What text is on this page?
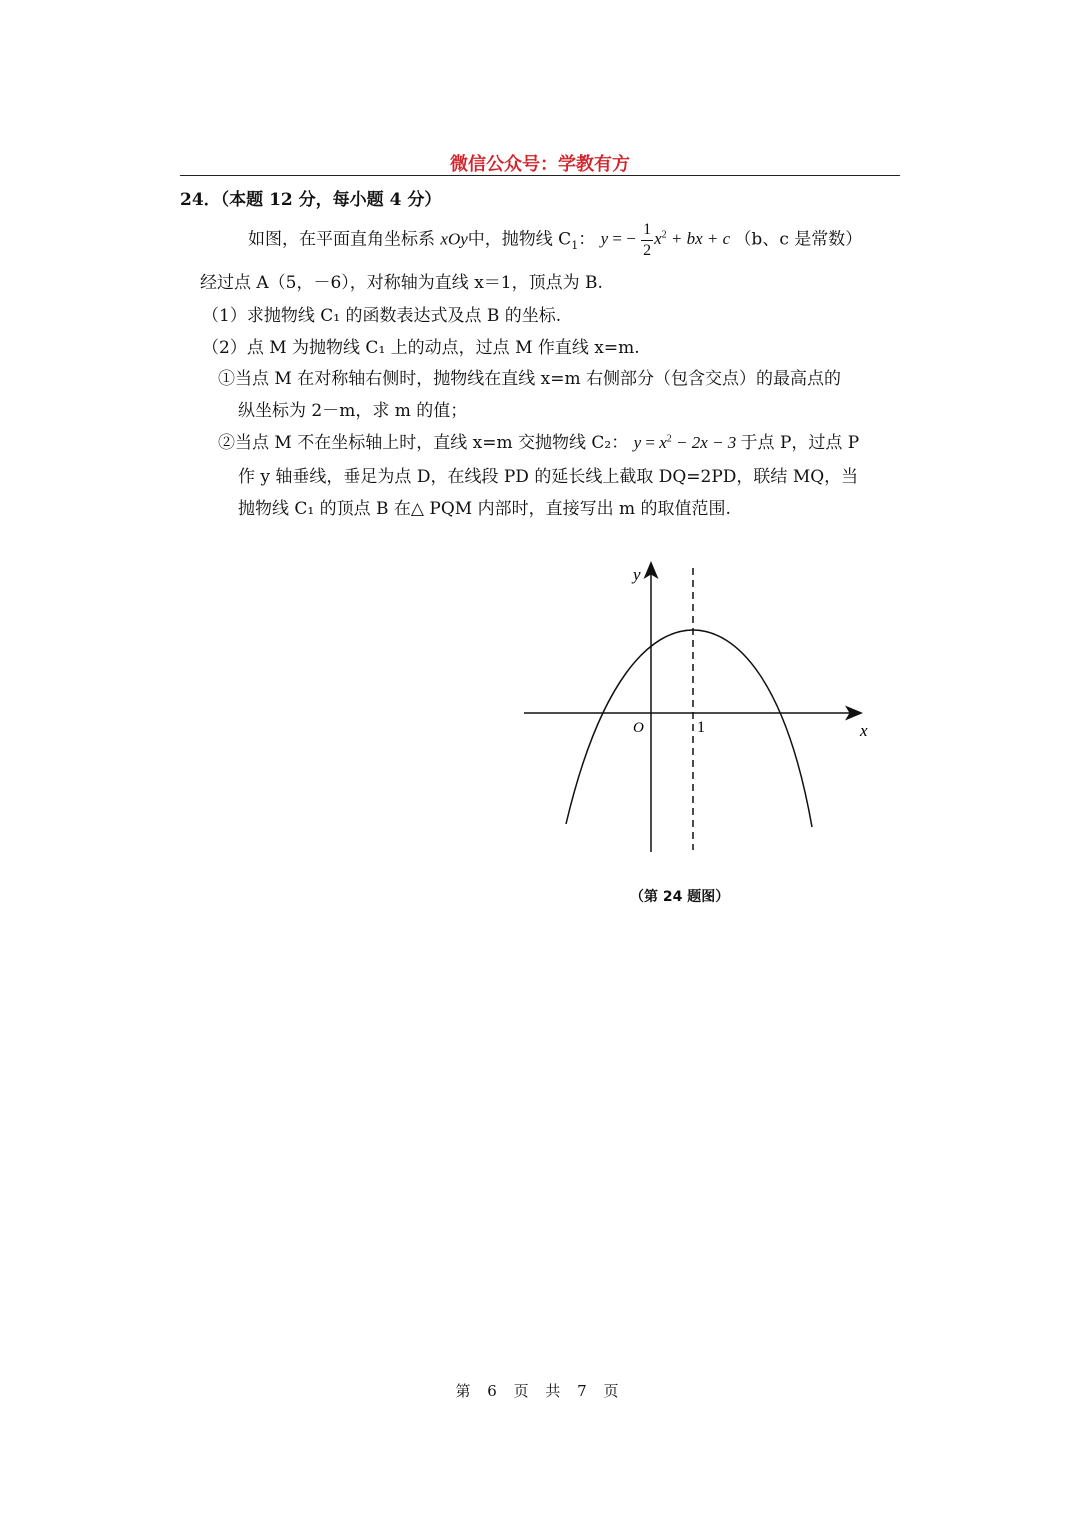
微信公众号：学教有方
24．（本题 12 分，每小题 4 分）
如图，在平面直角坐标系 xOy中，抛物线 $C_1$： y = − $\frac{1}{2} x^2$ + bx + c （b、c 是常数）
经过点 A（5，－6），对称轴为直线 x＝1，顶点为 B.
（1）求抛物线 C₁ 的函数表达式及点 B 的坐标.
（2）点 M 为抛物线 C₁ 上的动点，过点 M 作直线 x=m.
①当点 M 在对称轴右侧时，抛物线在直线 x=m 右侧部分（包含交点）的最高点的
纵坐标为 2－m，求 m 的值；
②当点 M 不在坐标轴上时，直线 x=m 交抛物线 C₂： $y = x^2 - 2x - 3$ 于点 P，过点 P
作 y 轴垂线，垂足为点 D，在线段 PD 的延长线上截取 DQ=2PD，联结 MQ，当
抛物线 C₁ 的顶点 B 在△ PQM 内部时，直接写出 m 的取值范围.
y
x
O	1
（第 24 题图）
第 6 页 共 7 页
